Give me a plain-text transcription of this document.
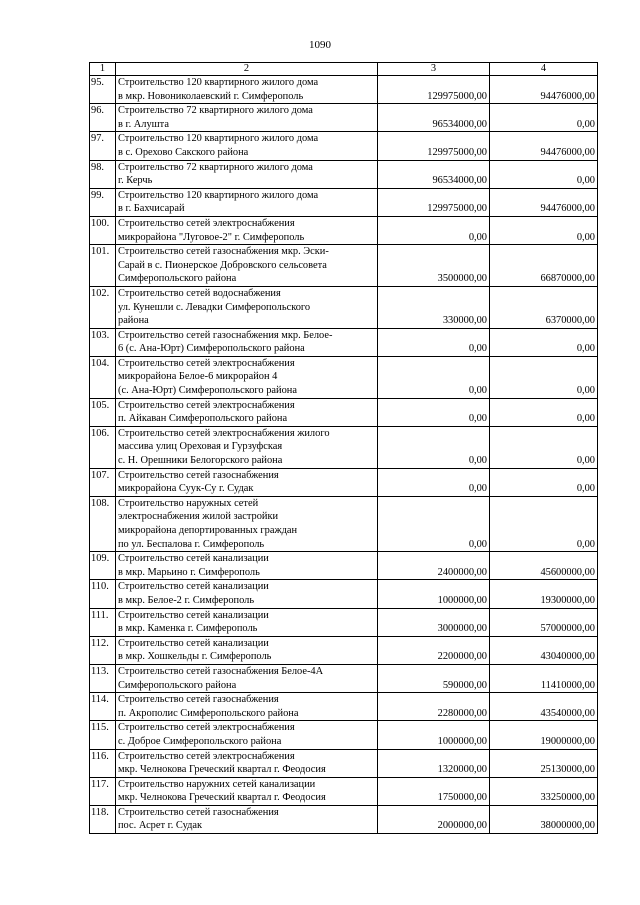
1090
1	2	3	4
95.	Строительство 120 квартирного жилого дома
в мкр. Новониколаевский г. Симферополь	129975000,00	94476000,00
96.	Строительство 72 квартирного жилого дома
в г. Алушта	96534000,00	0,00
97.	Строительство 120 квартирного жилого дома
в с. Орехово Сакского района	129975000,00	94476000,00
98.	Строительство 72 квартирного жилого дома
г. Керчь	96534000,00	0,00
99.	Строительство 120 квартирного жилого дома
в г. Бахчисарай	129975000,00	94476000,00
100.	Строительство сетей электроснабжения
микрорайона "Луговое-2" г. Симферополь	0,00	0,00
101.	Строительство сетей газоснабжения мкр. Эски-
Сарай в с. Пионерское Добровского сельсовета
Симферопольского района	3500000,00	66870000,00
102.	Строительство сетей водоснабжения
ул. Кунешли с. Левадки Симферопольского
района	330000,00	6370000,00
103.	Строительство сетей газоснабжения мкр. Белое-
6 (с. Ана-Юрт) Симферопольского района	0,00	0,00
104.	Строительство сетей электроснабжения
микрорайона Белое-6 микрорайон 4
(с. Ана-Юрт) Симферопольского района	0,00	0,00
105.	Строительство сетей электроснабжения
п. Айкаван Симферопольского района	0,00	0,00
106.	Строительство сетей электроснабжения жилого
массива улиц Ореховая и Гурзуфская
с. Н. Орешники Белогорского района	0,00	0,00
107.	Строительство сетей газоснабжения
микрорайона Суук-Су г. Судак	0,00	0,00
108.	Строительство наружных сетей
электроснабжения жилой застройки
микрорайона депортированных граждан
по ул. Беспалова г. Симферополь	0,00	0,00
109.	Строительство сетей канализации
в мкр. Марьино г. Симферополь	2400000,00	45600000,00
110.	Строительство сетей канализации
в мкр. Белое-2 г. Симферополь	1000000,00	19300000,00
111.	Строительство сетей канализации
в мкр. Каменка г. Симферополь	3000000,00	57000000,00
112.	Строительство сетей канализации
в мкр. Хошкельды г. Симферополь	2200000,00	43040000,00
113.	Строительство сетей газоснабжения Белое-4А
Симферопольского района	590000,00	11410000,00
114.	Строительство сетей газоснабжения
п. Акрополис Симферопольского района	2280000,00	43540000,00
115.	Строительство сетей электроснабжения
с. Доброе Симферопольского района	1000000,00	19000000,00
116.	Строительство сетей электроснабжения
мкр. Челнокова Греческий квартал г. Феодосия	1320000,00	25130000,00
117.	Строительство наружних сетей канализации
мкр. Челнокова Греческий квартал г. Феодосия	1750000,00	33250000,00
118.	Строительство сетей газоснабжения
пос. Асрет г. Судак	2000000,00	38000000,00
